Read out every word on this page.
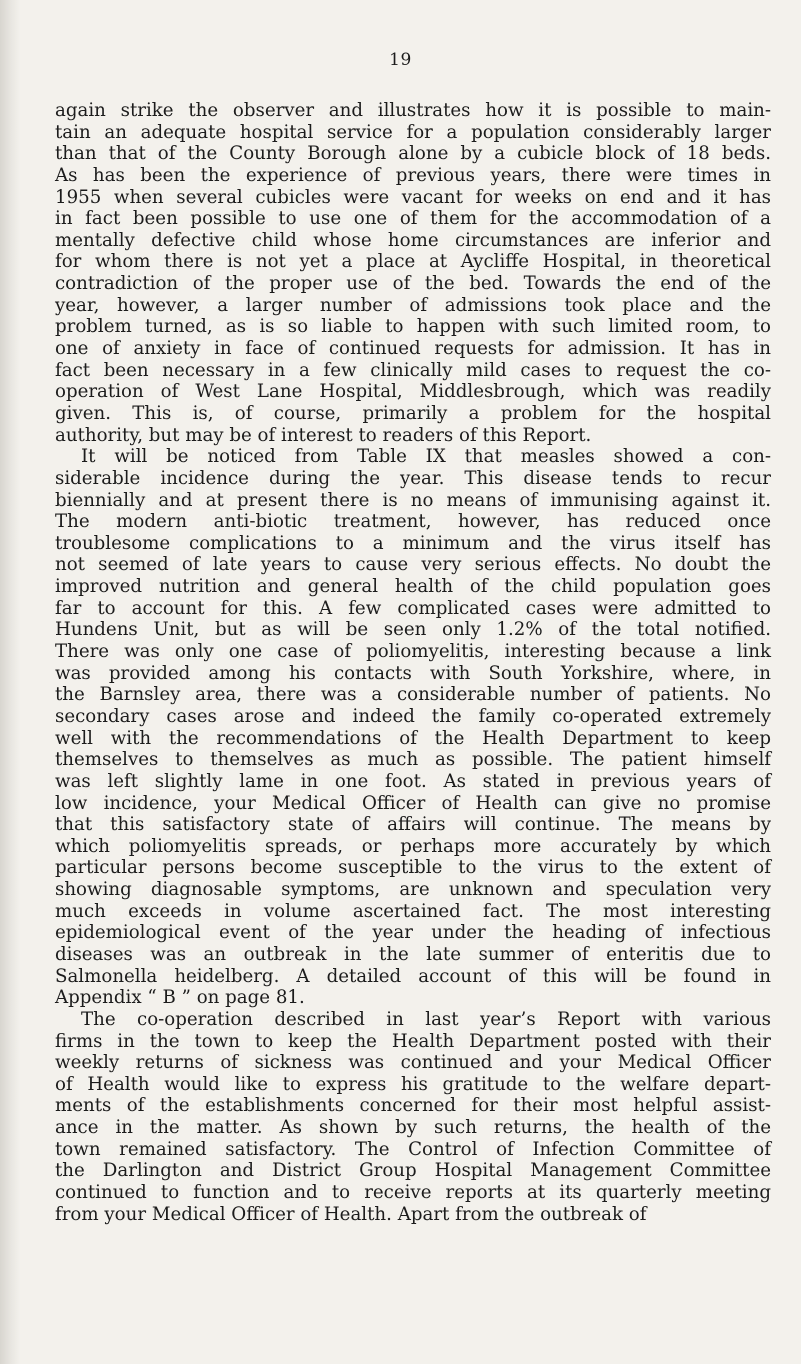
19
again strike the observer and illustrates how it is possible to main-
tain an adequate hospital service for a population considerably larger
than that of the County Borough alone by a cubicle block of 18 beds.
As has been the experience of previous years, there were times in
1955 when several cubicles were vacant for weeks on end and it has
in fact been possible to use one of them for the accommodation of a
mentally defective child whose home circumstances are inferior and
for whom there is not yet a place at Aycliffe Hospital, in theoretical
contradiction of the proper use of the bed. Towards the end of the
year, however, a larger number of admissions took place and the
problem turned, as is so liable to happen with such limited room, to
one of anxiety in face of continued requests for admission. It has in
fact been necessary in a few clinically mild cases to request the co-
operation of West Lane Hospital, Middlesbrough, which was readily
given. This is, of course, primarily a problem for the hospital
authority, but may be of interest to readers of this Report.
It will be noticed from Table IX that measles showed a con-
siderable incidence during the year. This disease tends to recur
biennially and at present there is no means of immunising against it.
The modern anti-biotic treatment, however, has reduced once
troublesome complications to a minimum and the virus itself has
not seemed of late years to cause very serious effects. No doubt the
improved nutrition and general health of the child population goes
far to account for this. A few complicated cases were admitted to
Hundens Unit, but as will be seen only 1.2% of the total notified.
There was only one case of poliomyelitis, interesting because a link
was provided among his contacts with South Yorkshire, where, in
the Barnsley area, there was a considerable number of patients. No
secondary cases arose and indeed the family co-operated extremely
well with the recommendations of the Health Department to keep
themselves to themselves as much as possible. The patient himself
was left slightly lame in one foot. As stated in previous years of
low incidence, your Medical Officer of Health can give no promise
that this satisfactory state of affairs will continue. The means by
which poliomyelitis spreads, or perhaps more accurately by which
particular persons become susceptible to the virus to the extent of
showing diagnosable symptoms, are unknown and speculation very
much exceeds in volume ascertained fact. The most interesting
epidemiological event of the year under the heading of infectious
diseases was an outbreak in the late summer of enteritis due to
Salmonella heidelberg. A detailed account of this will be found in
Appendix “ B ” on page 81.
The co-operation described in last year’s Report with various
firms in the town to keep the Health Department posted with their
weekly returns of sickness was continued and your Medical Officer
of Health would like to express his gratitude to the welfare depart-
ments of the establishments concerned for their most helpful assist-
ance in the matter. As shown by such returns, the health of the
town remained satisfactory. The Control of Infection Committee of
the Darlington and District Group Hospital Management Committee
continued to function and to receive reports at its quarterly meeting
from your Medical Officer of Health. Apart from the outbreak of
